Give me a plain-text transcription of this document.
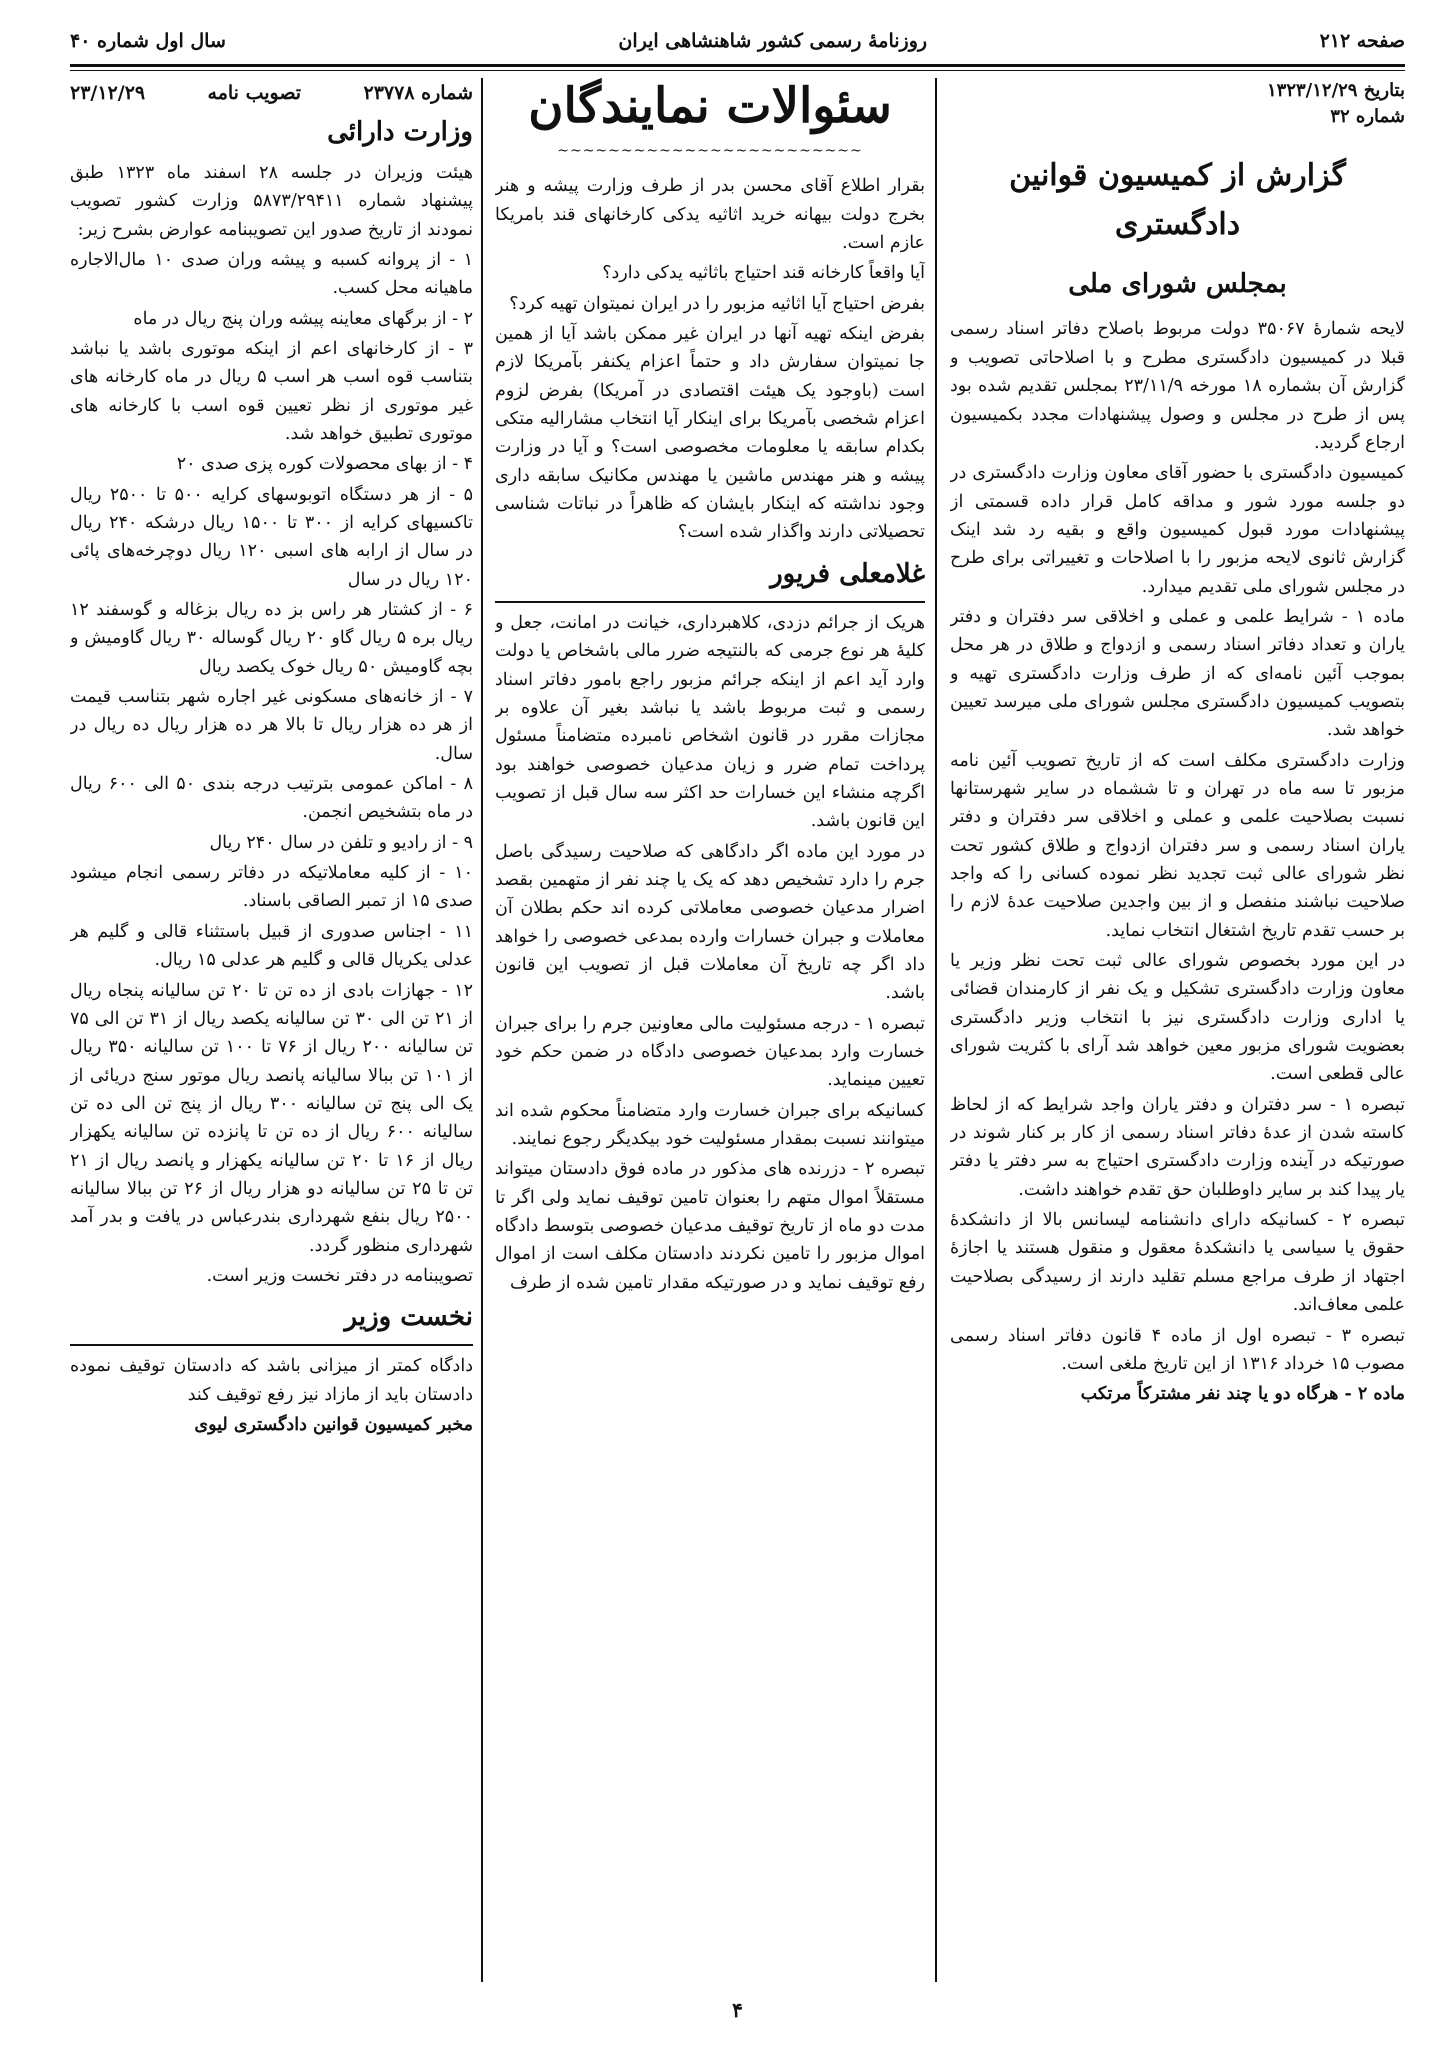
صفحه ۲۱۲
روزنامهٔ رسمی کشور شاهنشاهی ایران
سال اول شماره ۴۰
بتاریخ ۱۳۲۳/۱۲/۲۹
شماره ۳۲
گزارش از کمیسیون قوانین دادگستری
بمجلس شورای ملی

لایحه شمارهٔ ۳۵۰۶۷ دولت مربوط باصلاح دفاتر اسناد رسمی قبلا در کمیسیون دادگستری مطرح و با اصلاحاتی تصویب و گزارش آن بشماره ۱۸ مورخه ۲۳/۱۱/۹ بمجلس تقدیم شده بود پس از طرح در مجلس و وصول پیشنهادات مجدد بکمیسیون ارجاع گردید.

کمیسیون دادگستری با حضور آقای معاون وزارت دادگستری در دو جلسه مورد شور و مداقه کامل قرار داده قسمتی از پیشنهادات مورد قبول کمیسیون واقع و بقیه رد شد اینک گزارش ثانوی لایحه مزبور را با اصلاحات و تغییراتی برای طرح در مجلس شورای ملی تقدیم میدارد.

ماده ۱ - شرایط علمی و عملی و اخلاقی سر دفتران و دفتر یاران و تعداد دفاتر اسناد رسمی و ازدواج و طلاق در هر محل بموجب آئین نامه‌ای که از طرف وزارت دادگستری تهیه و بتصویب کمیسیون دادگستری مجلس شورای ملی میرسد تعیین خواهد شد.

وزارت دادگستری مکلف است که از تاریخ تصویب آئین نامه مزبور تا سه ماه در تهران و تا ششماه در سایر شهرستانها نسبت بصلاحیت علمی و عملی و اخلاقی سر دفتران و دفتر یاران اسناد رسمی و سر دفتران ازدواج و طلاق کشور تحت نظر شورای عالی ثبت تجدید نظر نموده کسانی را که واجد صلاحیت نباشند منفصل و از بین واجدین صلاحیت عدهٔ لازم را بر حسب تقدم تاریخ اشتغال انتخاب نماید.

در این مورد بخصوص شورای عالی ثبت تحت نظر وزیر یا معاون وزارت دادگستری تشکیل و یک نفر از کارمندان قضائی یا اداری وزارت دادگستری نیز با انتخاب وزیر دادگستری بعضویت شورای مزبور معین خواهد شد آرای با کثریت شورای عالی قطعی است.

تبصره ۱ - سر دفتران و دفتر یاران واجد شرایط که از لحاظ کاسته شدن از عدهٔ دفاتر اسناد رسمی از کار بر کنار شوند در صورتیکه در آینده وزارت دادگستری احتیاج به سر دفتر یا دفتر یار پیدا کند بر سایر داوطلبان حق تقدم خواهند داشت.

تبصره ۲ - کسانیکه دارای دانشنامه لیسانس بالا از دانشکدهٔ حقوق یا سیاسی یا دانشکدهٔ معقول و منقول هستند یا اجازهٔ اجتهاد از طرف مراجع مسلم تقلید دارند از رسیدگی بصلاحیت علمی معاف‌اند.

تبصره ۳ - تبصره اول از ماده ۴ قانون دفاتر اسناد رسمی مصوب ۱۵ خرداد ۱۳۱۶ از این تاریخ ملغی است.

ماده ۲ - هرگاه دو یا چند نفر مشترکاً مرتکب

سئوالات نمایندگان
~~~~~~~~~~~~~~~~~~~~~~~~

بقرار اطلاع آقای محسن بدر از طرف وزارت پیشه و هنر بخرج دولت بیهانه خرید اثاثیه یدکی کارخانهای قند بامریکا عازم است.

آیا واقعاً کارخانه قند احتیاج باثاثیه یدکی دارد؟

بفرض احتیاج آیا اثاثیه مزبور را در ایران نمیتوان تهیه کرد؟

بفرض اینکه تهیه آنها در ایران غیر ممکن باشد آیا از همین جا نمیتوان سفارش داد و حتماً اعزام یکنفر بآمریکا لازم است (باوجود یک هیئت اقتصادی در آمریکا) بفرض لزوم اعزام شخصی بآمریکا برای اینکار آیا انتخاب مشارالیه متکی بکدام سابقه یا معلومات مخصوصی است؟ و آیا در وزارت پیشه و هنر مهندس ماشین یا مهندس مکانیک سابقه داری وجود نداشته که اینکار بایشان که ظاهراً در نباتات شناسی تحصیلاتی دارند واگذار شده است؟

غلامعلی فریور

هریک از جرائم دزدی، کلاهبرداری، خیانت در امانت، جعل و کلیهٔ هر نوع جرمی که بالنتیجه ضرر مالی باشخاص یا دولت وارد آید اعم از اینکه جرائم مزبور راجع بامور دفاتر اسناد رسمی و ثبت مربوط باشد یا نباشد بغیر آن علاوه بر مجازات مقرر در قانون اشخاص نامبرده متضامناً مسئول پرداخت تمام ضرر و زیان مدعیان خصوصی خواهند بود اگرچه منشاء این خسارات حد اکثر سه سال قبل از تصویب این قانون باشد.

در مورد این ماده اگر دادگاهی که صلاحیت رسیدگی باصل جرم را دارد تشخیص دهد که یک یا چند نفر از متهمین بقصد اضرار مدعیان خصوصی معاملاتی کرده اند حکم بطلان آن معاملات و جبران خسارات وارده بمدعی خصوصی را خواهد داد اگر چه تاریخ آن معاملات قبل از تصویب این قانون باشد.

تبصره ۱ - درجه مسئولیت مالی معاونین جرم را برای جبران خسارت وارد بمدعیان خصوصی دادگاه در ضمن حکم خود تعیین مینماید.

کسانیکه برای جبران خسارت وارد متضامناً محکوم شده اند میتوانند نسبت بمقدار مسئولیت خود بیکدیگر رجوع نمایند.

تبصره ۲ - دزرنده های مذکور در ماده فوق دادستان میتواند مستقلاً اموال متهم را بعنوان تامین توقیف نماید ولی اگر تا مدت دو ماه از تاریخ توقیف مدعیان خصوصی بتوسط دادگاه اموال مزبور را تامین نکردند دادستان مکلف است از اموال رفع توقیف نماید و در صورتیکه مقدار تامین شده از طرف

شماره ۲۳۷۷۸
تصویب نامه
۲۳/۱۲/۲۹
وزارت دارائی

هیئت وزیران در جلسه ۲۸ اسفند ماه ۱۳۲۳ طبق پیشنهاد شماره ۵۸۷۳/۲۹۴۱۱ وزارت کشور تصویب نمودند از تاریخ صدور این تصویبنامه عوارض بشرح زیر:

۱ - از پروانه کسبه و پیشه وران صدی ۱۰ مال‌الاجاره ماهیانه محل کسب.

۲ - از برگهای معاینه پیشه وران پنج ریال در ماه

۳ - از کارخانهای اعم از اینکه موتوری باشد یا نباشد بتناسب قوه اسب هر اسب ۵ ریال در ماه کارخانه های غیر موتوری از نظر تعیین قوه اسب با کارخانه های موتوری تطبیق خواهد شد.

۴ - از بهای محصولات کوره پزی صدی ۲۰

۵ - از هر دستگاه اتوبوسهای کرایه ۵۰۰ تا ۲۵۰۰ ریال تاکسیهای کرایه از ۳۰۰ تا ۱۵۰۰ ریال درشکه ۲۴۰ ریال در سال از ارابه های اسبی ۱۲۰ ریال دوچرخه‌های پائی ۱۲۰ ریال در سال

۶ - از کشتار هر راس بز ده ریال بزغاله و گوسفند ۱۲ ریال بره ۵ ریال گاو ۲۰ ریال گوساله ۳۰ ریال گاومیش و بچه گاومیش ۵۰ ریال خوک یکصد ریال

۷ - از خانه‌های مسکونی غیر اجاره شهر بتناسب قیمت از هر ده هزار ریال تا بالا هر ده هزار ریال ده ریال در سال.

۸ - اماکن عمومی بترتیب درجه بندی ۵۰ الی ۶۰۰ ریال در ماه بتشخیص انجمن.

۹ - از رادیو و تلفن در سال ۲۴۰ ریال

۱۰ - از کلیه معاملاتیکه در دفاتر رسمی انجام میشود صدی ۱۵ از تمبر الصاقی باسناد.

۱۱ - اجناس صدوری از قبیل باستثناء قالی و گلیم هر عدلی یکریال قالی و گلیم هر عدلی ۱۵ ریال.

۱۲ - جهازات بادی از ده تن تا ۲۰ تن سالیانه پنجاه ریال از ۲۱ تن الی ۳۰ تن سالیانه یکصد ریال از ۳۱ تن الی ۷۵ تن سالیانه ۲۰۰ ریال از ۷۶ تا ۱۰۰ تن سالیانه ۳۵۰ ریال از ۱۰۱ تن ببالا سالیانه پانصد ریال موتور سنج دریائی از یک الی پنج تن سالیانه ۳۰۰ ریال از پنج تن الی ده تن سالیانه ۶۰۰ ریال از ده تن تا پانزده تن سالیانه یکهزار ریال از ۱۶ تا ۲۰ تن سالیانه یکهزار و پانصد ریال از ۲۱ تن تا ۲۵ تن سالیانه دو هزار ریال از ۲۶ تن ببالا سالیانه ۲۵۰۰ ریال بنفع شهرداری بندرعباس در یافت و بدر آمد شهرداری منظور گردد.

تصویبنامه در دفتر نخست وزیر است.

نخست وزیر

دادگاه کمتر از میزانی باشد که دادستان توقیف نموده دادستان باید از مازاد نیز رفع توقیف کند

مخبر کمیسیون قوانین دادگستری لیوی

۴
